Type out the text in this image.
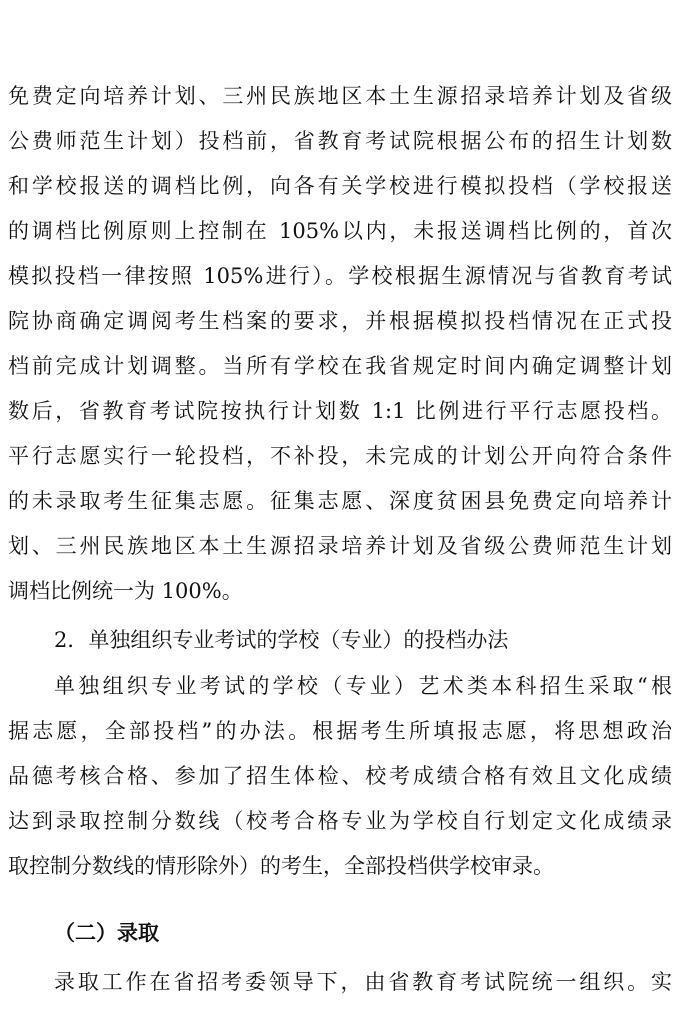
免费定向培养计划、三州民族地区本土生源招录培养计划及省级
公费师范生计划）投档前，省教育考试院根据公布的招生计划数
和学校报送的调档比例，向各有关学校进行模拟投档（学校报送
的调档比例原则上控制在 105%以内，未报送调档比例的，首次
模拟投档一律按照 105%进行）。学校根据生源情况与省教育考试
院协商确定调阅考生档案的要求，并根据模拟投档情况在正式投
档前完成计划调整。当所有学校在我省规定时间内确定调整计划
数后，省教育考试院按执行计划数 1:1 比例进行平行志愿投档。
平行志愿实行一轮投档，不补投，未完成的计划公开向符合条件
的未录取考生征集志愿。征集志愿、深度贫困县免费定向培养计
划、三州民族地区本土生源招录培养计划及省级公费师范生计划
调档比例统一为 100%。
2．单独组织专业考试的学校（专业）的投档办法
单独组织专业考试的学校（专业）艺术类本科招生采取“根
据志愿，全部投档”的办法。根据考生所填报志愿，将思想政治
品德考核合格、参加了招生体检、校考成绩合格有效且文化成绩
达到录取控制分数线（校考合格专业为学校自行划定文化成绩录
取控制分数线的情形除外）的考生，全部投档供学校审录。
（二）录取
录取工作在省招考委领导下，由省教育考试院统一组织。实
